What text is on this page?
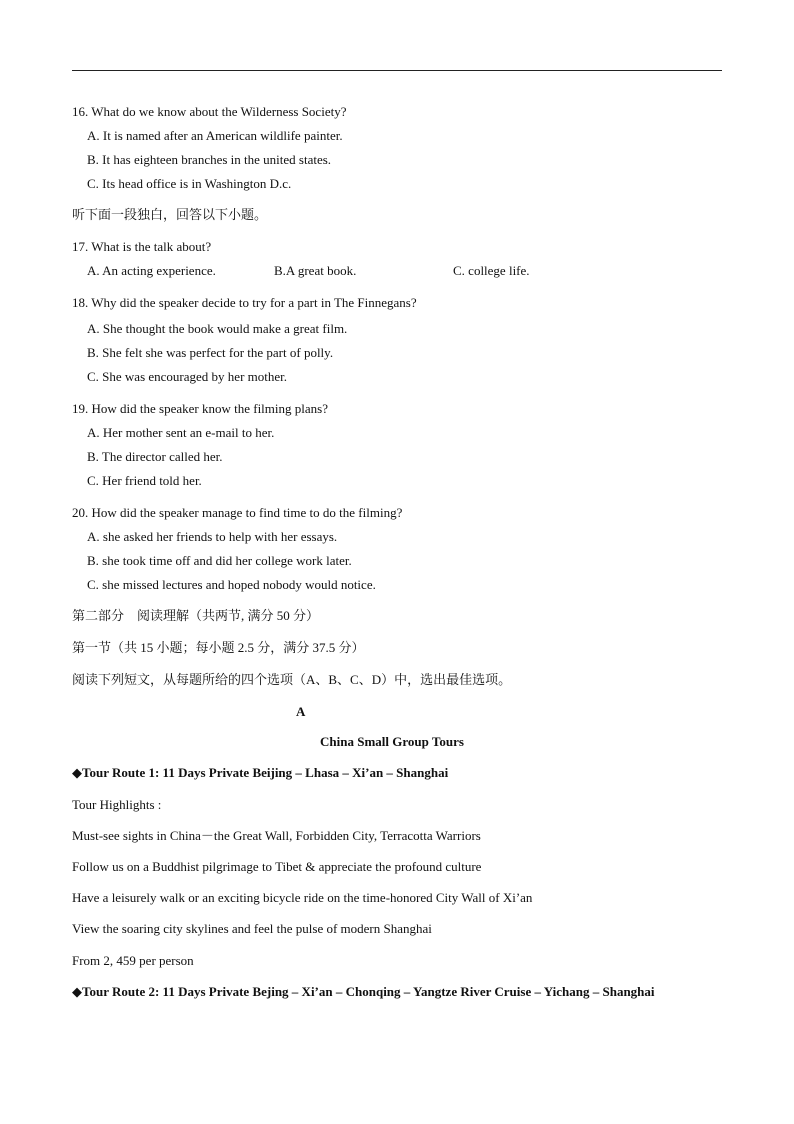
16. What do we know about the Wilderness Society?
A. It is named after an American wildlife painter.
B. It has eighteen branches in the united states.
C. Its head office is in Washington D.c.
听下面一段独白，回答以下小题。
17. What is the talk about?
A. An acting experience.	B.A great book.	C. college life.
18. Why did the speaker decide to try for a part in The Finnegans?
A. She thought the book would make a great film.
B. She felt she was perfect for the part of polly.
C. She was encouraged by her mother.
19. How did the speaker know the filming plans?
A. Her mother sent an e-mail to her.
B. The director called her.
C. Her friend told her.
20. How did the speaker manage to find time to do the filming?
A. she asked her friends to help with her essays.
B. she took time off and did her college work later.
C. she missed lectures and hoped nobody would notice.
第二部分　阅读理解（共两节, 满分 50 分）
第一节（共 15 小题；每小题 2.5 分，满分 37.5 分）
阅读下列短文，从每题所给的四个选项（A、B、C、D）中，选出最佳选项。
A
China Small Group Tours
◆Tour Route 1: 11 Days Private Beijing – Lhasa – Xi’an – Shanghai
Tour Highlights :
Must-see sights in China－the Great Wall, Forbidden City, Terracotta Warriors
Follow us on a Buddhist pilgrimage to Tibet & appreciate the profound culture
Have a leisurely walk or an exciting bicycle ride on the time-honored City Wall of Xi’an
View the soaring city skylines and feel the pulse of modern Shanghai
From 2, 459 per person
◆Tour Route 2: 11 Days Private Bejing – Xi’an – Chonqing – Yangtze River Cruise – Yichang – Shanghai
